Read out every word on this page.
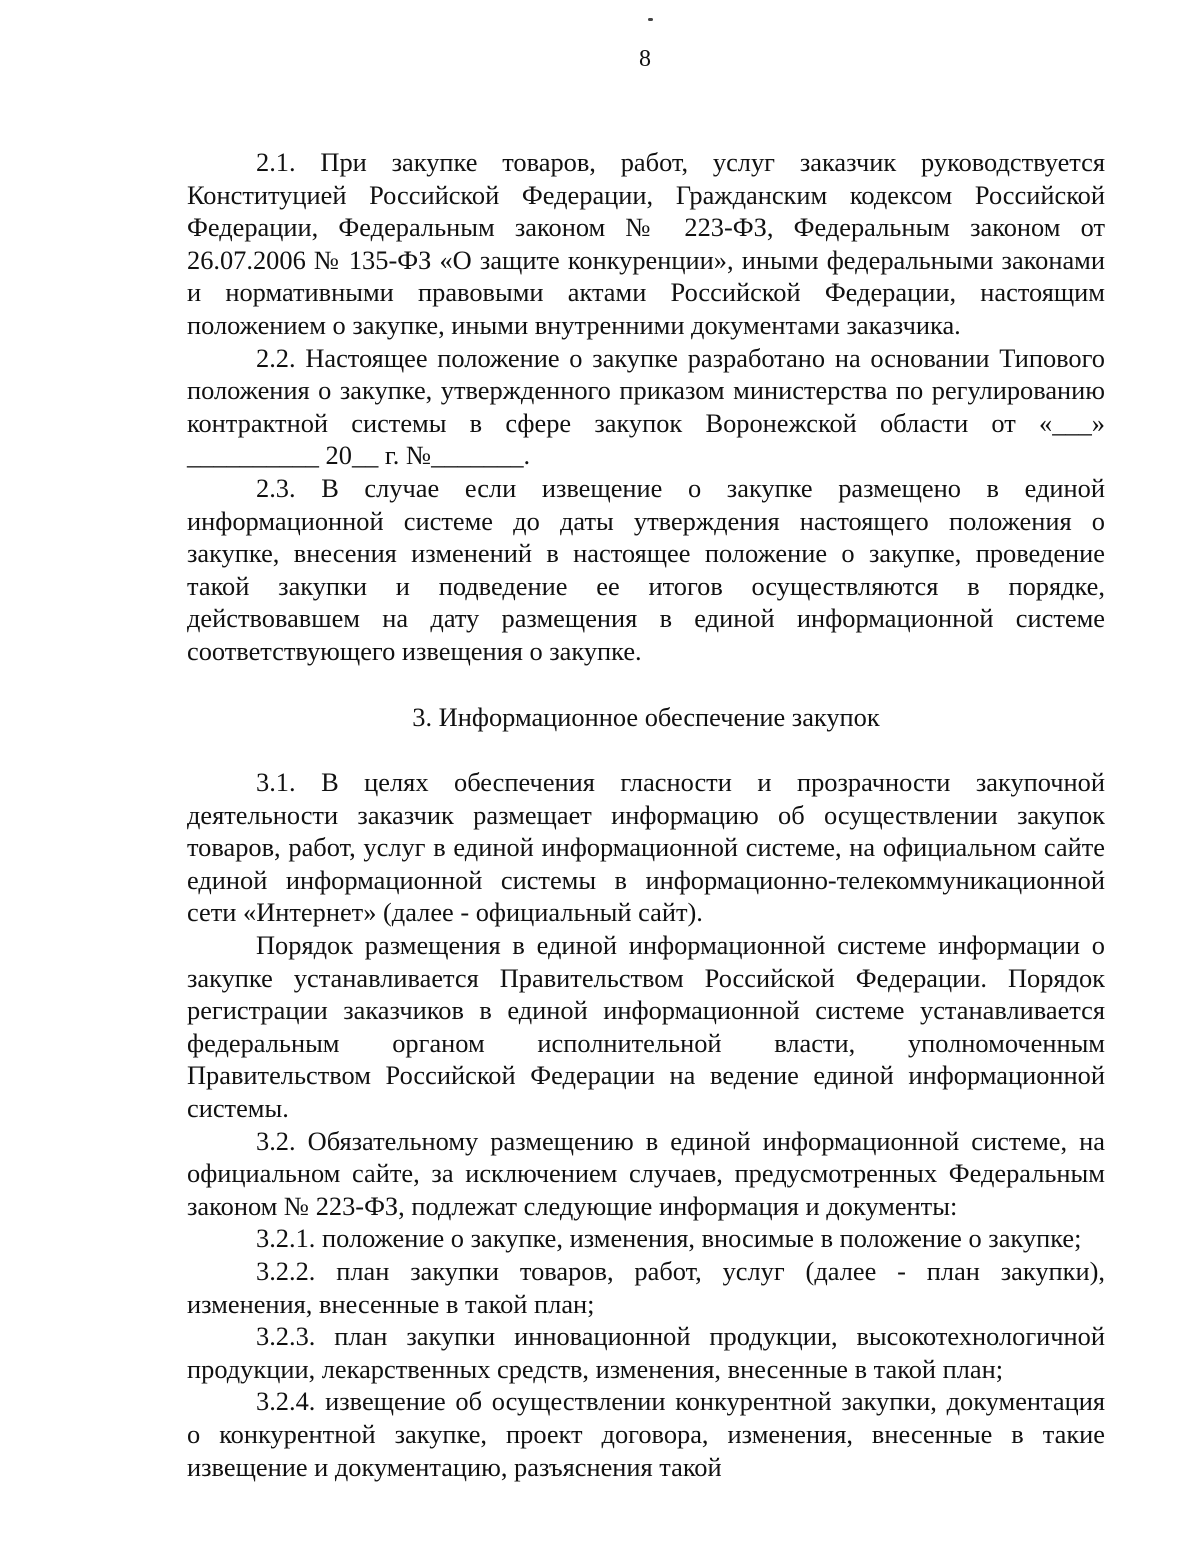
8

2.1. При закупке товаров, работ, услуг заказчик руководствуется Конституцией Российской Федерации, Гражданским кодексом Российской Федерации, Федеральным законом № 223-ФЗ, Федеральным законом от 26.07.2006 № 135-ФЗ «О защите конкуренции», иными федеральными законами и нормативными правовыми актами Российской Федерации, настоящим положением о закупке, иными внутренними документами заказчика.

2.2. Настоящее положение о закупке разработано на основании Типового положения о закупке, утвержденного приказом министерства по регулированию контрактной системы в сфере закупок Воронежской области от «___» __________ 20__ г. №_______.

2.3. В случае если извещение о закупке размещено в единой информационной системе до даты утверждения настоящего положения о закупке, внесения изменений в настоящее положение о закупке, проведение такой закупки и подведение ее итогов осуществляются в порядке, действовавшем на дату размещения в единой информационной системе соответствующего извещения о закупке.

3. Информационное обеспечение закупок

3.1. В целях обеспечения гласности и прозрачности закупочной деятельности заказчик размещает информацию об осуществлении закупок товаров, работ, услуг в единой информационной системе, на официальном сайте единой информационной системы в информационно-телекоммуникационной сети «Интернет» (далее - официальный сайт).

Порядок размещения в единой информационной системе информации о закупке устанавливается Правительством Российской Федерации. Порядок регистрации заказчиков в единой информационной системе устанавливается федеральным органом исполнительной власти, уполномоченным Правительством Российской Федерации на ведение единой информационной системы.

3.2. Обязательному размещению в единой информационной системе, на официальном сайте, за исключением случаев, предусмотренных Федеральным законом № 223-ФЗ, подлежат следующие информация и документы:

3.2.1. положение о закупке, изменения, вносимые в положение о закупке;

3.2.2. план закупки товаров, работ, услуг (далее - план закупки), изменения, внесенные в такой план;

3.2.3. план закупки инновационной продукции, высокотехнологичной продукции, лекарственных средств, изменения, внесенные в такой план;

3.2.4. извещение об осуществлении конкурентной закупки, документация о конкурентной закупке, проект договора, изменения, внесенные в такие извещение и документацию, разъяснения такой
